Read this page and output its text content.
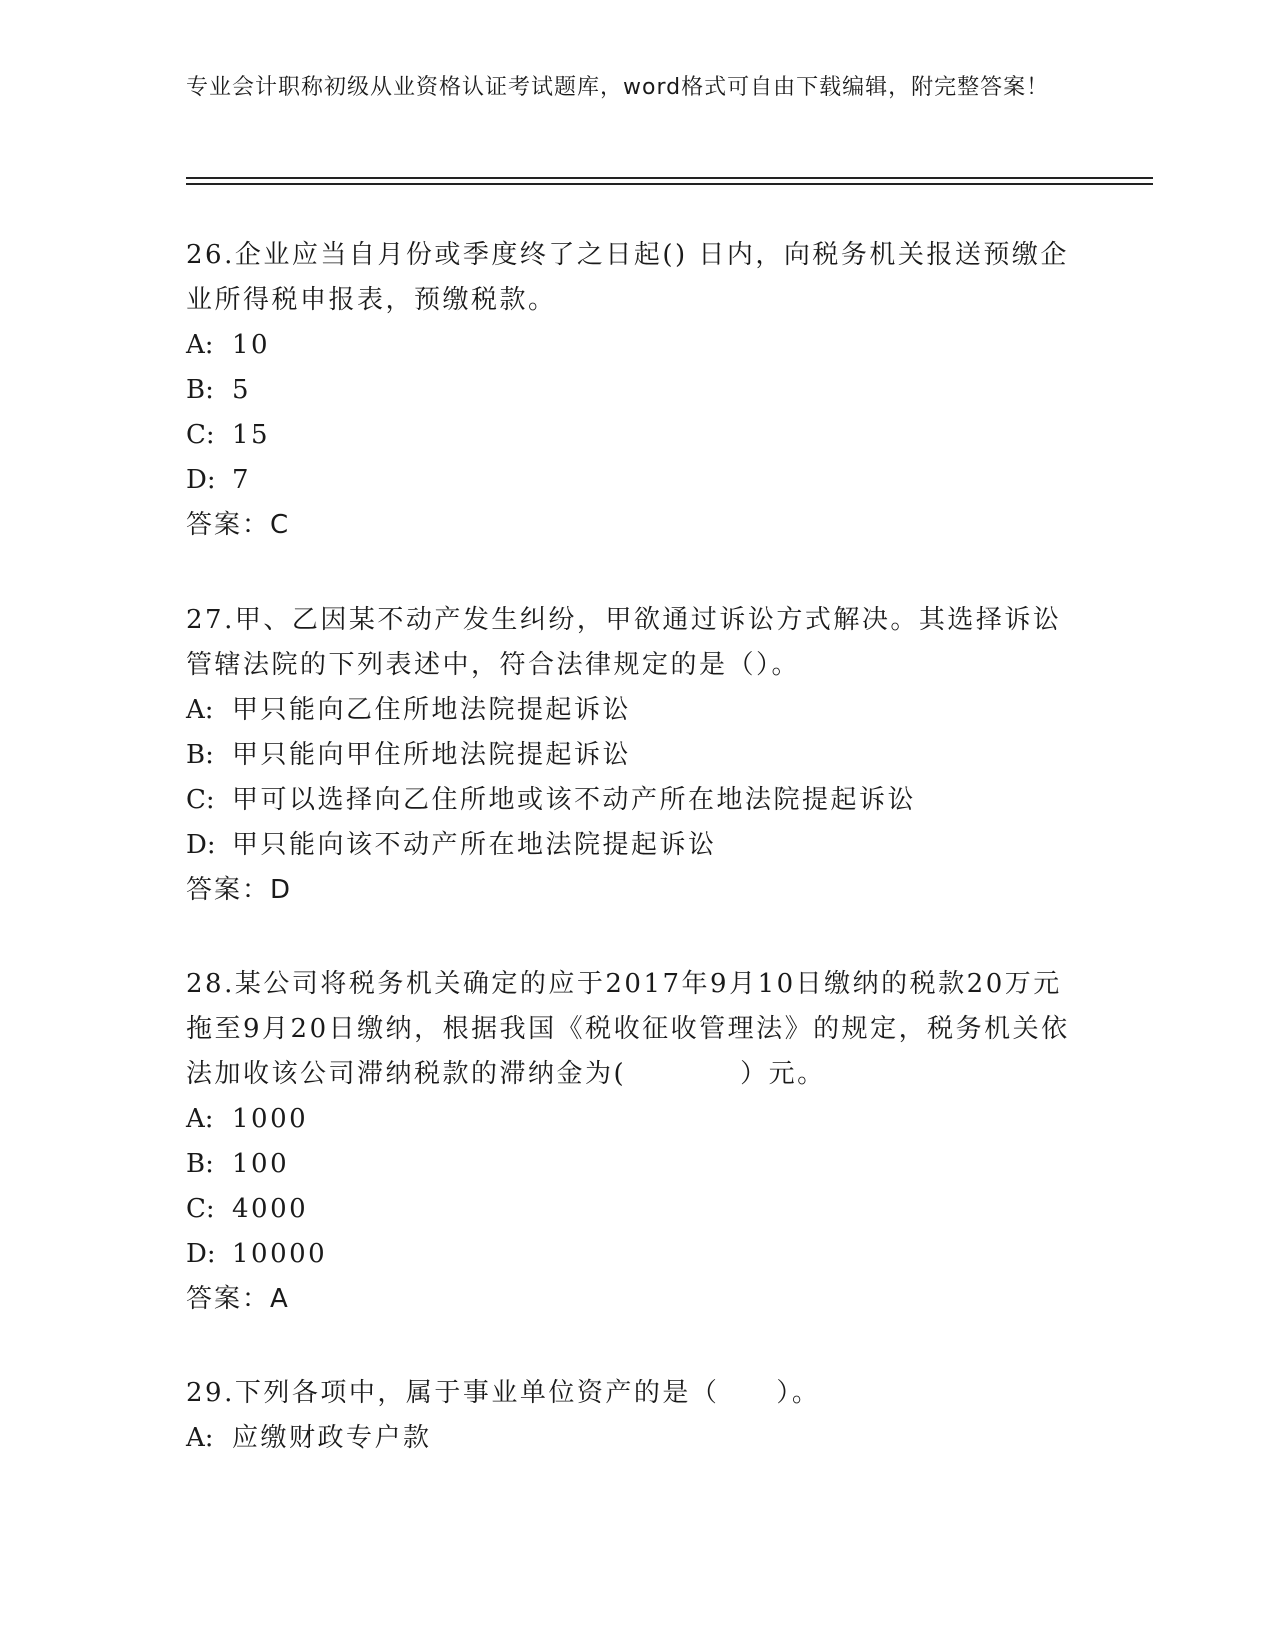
专业会计职称初级从业资格认证考试题库，word格式可自由下载编辑，附完整答案！

26.企业应当自月份或季度终了之日起() 日内，向税务机关报送预缴企业所得税申报表，预缴税款。

A: 10

B: 5

C: 15

D: 7

答案：C

27.甲、乙因某不动产发生纠纷，甲欲通过诉讼方式解决。其选择诉讼管辖法院的下列表述中，符合法律规定的是（）。

A: 甲只能向乙住所地法院提起诉讼

B: 甲只能向甲住所地法院提起诉讼

C: 甲可以选择向乙住所地或该不动产所在地法院提起诉讼

D: 甲只能向该不动产所在地法院提起诉讼

答案：D

28.某公司将税务机关确定的应于2017年9月10日缴纳的税款20万元拖至9月20日缴纳，根据我国《税收征收管理法》的规定，税务机关依法加收该公司滞纳税款的滞纳金为(　　　　）元。

A: 1000

B: 100

C: 4000

D: 10000

答案：A

29.下列各项中，属于事业单位资产的是（　　）。

A: 应缴财政专户款
